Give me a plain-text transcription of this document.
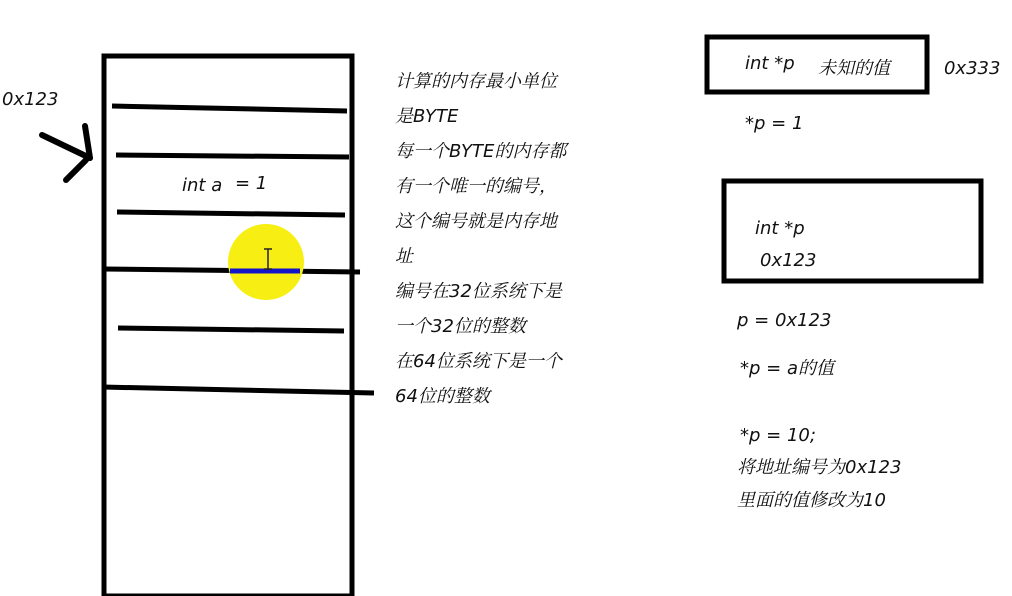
0x123
int a = 1
计算的内存最小单位
是BYTE
每一个BYTE的内存都
有一个唯一的编号，
这个编号就是内存地
址
编号在32位系统下是
一个32位的整数
在64位系统下是一个
64位的整数
int *p 未知的值	0x333
*p = 1
int *p
0x123
p = 0x123
*p = a的值
*p = 10;
将地址编号为0x123
里面的值修改为10
